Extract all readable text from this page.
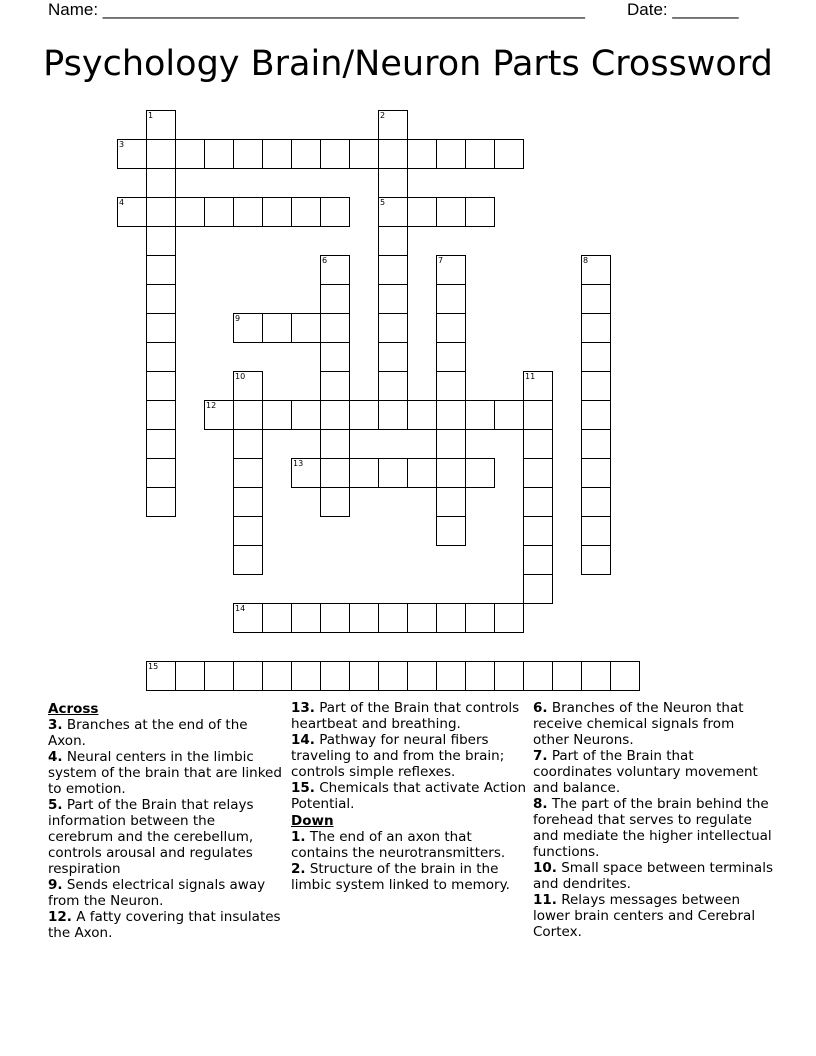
Name: ___________________________________________________ Date: _______
Psychology Brain/Neuron Parts Crossword
1	2
5
3
4
6	7	8
9
10	11
12
13
14
15
Across
3. Branches at the end of the Axon.
4. Neural centers in the limbic system of the brain that are linked to emotion.
5. Part of the Brain that relays information between the cerebrum and the cerebellum, controls arousal and regulates respiration
9. Sends electrical signals away from the Neuron.
12. A fatty covering that insulates the Axon.
13. Part of the Brain that controls heartbeat and breathing.
14. Pathway for neural fibers traveling to and from the brain; controls simple reflexes.
15. Chemicals that activate Action Potential.
Down
1. The end of an axon that contains the neurotransmitters.
2. Structure of the brain in the limbic system linked to memory.
6. Branches of the Neuron that receive chemical signals from other Neurons.
7. Part of the Brain that coordinates voluntary movement and balance.
8. The part of the brain behind the forehead that serves to regulate and mediate the higher intellectual functions.
10. Small space between terminals and dendrites.
11. Relays messages between lower brain centers and Cerebral Cortex.
